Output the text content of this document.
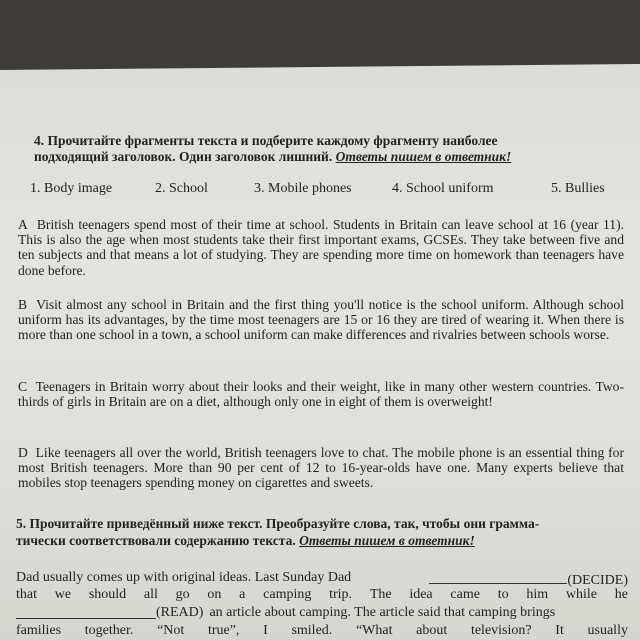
4. Прочитайте фрагменты текста и подберите каждому фрагменту наиболее

подходящий заголовок. Один заголовок лишний. Ответы пишем в ответник!

1. Body image	2. School	3. Mobile phones	4. School uniform	5. Bullies

A British teenagers spend most of their time at school. Students in Britain can leave school at 16 (year 11). This is also the age when most students take their first important exams, GCSEs. They take between five and ten subjects and that means a lot of studying. They are spending more time on homework than teenagers have done before.

B Visit almost any school in Britain and the first thing you'll notice is the school uniform. Although school uniform has its advantages, by the time most teenagers are 15 or 16 they are tired of wearing it. When there is more than one school in a town, a school uniform can make differences and rivalries between schools worse.

C Teenagers in Britain worry about their looks and their weight, like in many other western countries. Two-thirds of girls in Britain are on a diet, although only one in eight of them is overweight!

D Like teenagers all over the world, British teenagers love to chat. The mobile phone is an essential thing for most British teenagers. More than 90 per cent of 12 to 16-year-olds have one. Many experts believe that mobiles stop teenagers spending money on cigarettes and sweets.

5. Прочитайте приведённый ниже текст. Преобразуйте слова, так, чтобы они грамма-

тически соответствовали содержанию текста. Ответы пишем в ответник!

Dad usually comes up with original ideas. Last Sunday Dad	(DECIDE)
that we should all go on a camping trip. The idea came to him while he
(READ) an article about camping. The article said that camping brings
families together. “Not true”, I smiled. “What about television? It usually
